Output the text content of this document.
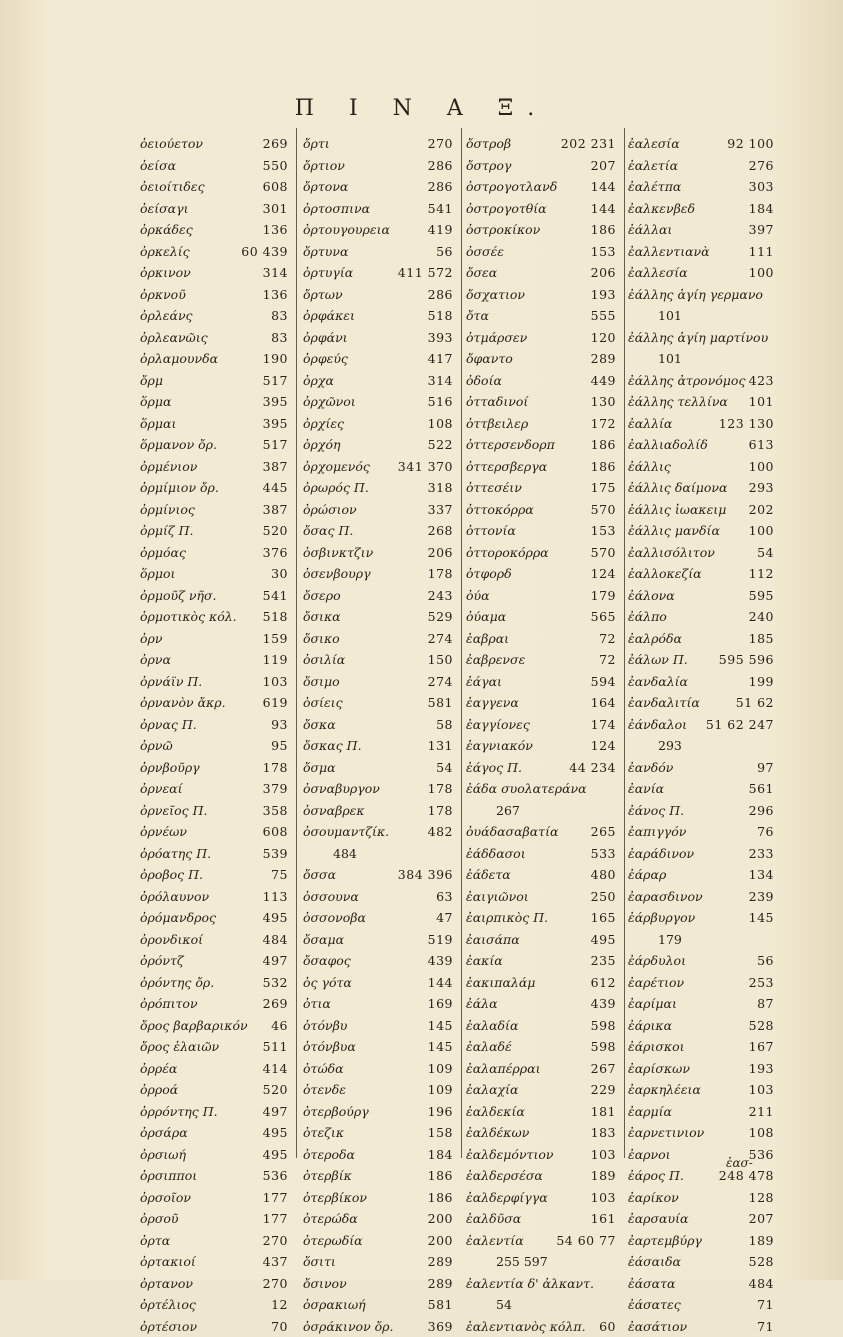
Π Ι Ν Α Ξ.
ὀειούετον	269
ὀείσα	550
ὀειοίτιδες	608
ὀείσαγι	301
ὀρκάδες	136
ὀρκελίς	60 439
ὀρκινον	314
ὀρκνοῦ	136
ὀρλεάνς	83
ὀρλεανῶις	83
ὀρλαμουνδα	190
ὄρμ	517
ὅρμα	395
ὅρμαι	395
ὅρμανον ὄρ.	517
ὀρμένιον	387
ὀρμίμιον ὄρ.	445
ὀρμίνιος	387
ὀρμίζ Π.	520
ὀρμόας	376
ὅρμοι	30
ὀρμοῦζ νῆσ.	541
ὁρμοτικὸς κόλ. 518
ὀρν	159
ὀρνα	119
ὀρνάϊν Π.	103
ὀρνανὸν ἄκρ.	619
ὀρνας Π.	93
ὀρνῶ	95
ὀρνβοῦργ	178
ὀρνεαί	379
ὀρνεῖος Π.	358
ὀρνέων	608
ὀρόατης Π.	539
ὀροβος Π.	75
ὀρόλαυνον	113
ὀρόμανδρος	495
ὀρονδικοί	484
ὀρόντζ	497
ὀρόντης ὄρ.	532
ὀρόπιτον	269
ὄρος βαρβαρικόν 46
ὄρος ἐλαιῶν	511
ὀρρέα	414
ὀρροά	520
ὀρρόντης Π.	497
ὀρσάρα	495
ὀρσιωή	495
ὀρσιπποι	536
ὀρσοῖον	177
ὀρσοῦ	177
ὀρτα	270
ὀρτακιοί	437
ὀρτανον	270
ὀρτέλιος	12
ὀρτέσιον	70
ὄρτι	270
ὄρτιον	286
ὄρτονα	286
ὀρτοσπινα	541
ὀρτουγουρεια	419
ὄρτυνα	56
ὀρτυγία	411 572
ὄρτων	286
ὀρφάκει	518
ὀρφάνι	393
ὀρφεύς	417
ὀρχα	314
ὀρχῶνοι	516
ὀρχίες	108
ὀρχόη	522
ὀρχομενός 341 370
ὀρωρός Π.	318
ὀρώσιον	337
ὄσας Π.	268
ὀσβινκτζιν	206
ὀσενβουργ	178
ὄσερο	243
ὄσικα	529
ὄσικο	274
ὀσιλία	150
ὄσιμο	274
ὀσίεις	581
ὄσκα	58
ὄσκας Π.	131
ὄσμα	54
ὀσναβυργον	178
ὀσναβρεκ	178
ὀσουμαντζίκ.	482
484
ὄσσα	384 396
ὀσσουνα	63
ὀσσονοβα	47
ὄσαμα	519
ὄσαφος	439
ὀς γότα	144
ὀτια	169
ὀτόνβυ	145
ὀτόνβυα	145
ὀτώδα	109
ὀτενδε	109
ὀτερβούργ	196
ὀτεζικ	158
ὀτεροδα	184
ὀτερβίκ	186
ὀτερβίκον	186
ὀτερώδα	200
ὀτερωδία	200
ὄσιτι	289
ὄσινον	289
ὀσρακιωή	581
ὀσράκινον ὄρ.	369
ὄστροβ	202 231
ὄστρογ	207
ὀστρογοτλανδ	144
ὀστρογοτθία	144
ὀστροκίκον	186
ὀσσέε	153
ὄσεα	206
ὄσχατιον	193
ὄτα	555
ὀτμάρσεν	120
ὄφαντο	289
ὀδοία	449
ὀτταδινοί	130
ὀττβειλερ	172
ὀττερσενδορπ	186
ὀττερσβεργα	186
ὀττεσέιν	175
ὀττοκόρρα	570
ὀττονία	153
ὀττοροκόρρα	570
ὀτφορδ	124
ὀύα	179
ὀύαμα	565
ἐαβραι	72
ἐαβρενσε	72
ἐάγαι	594
ἐαγγενα	164
ἐαγγίονες	174
ἐαγνιακόν	124
ἐάγος Π.	44 234
ἐάδα συολατεράνα
267
ὀυάδασαβατία	265
ἐάδδασοι	533
ἐάδετα	480
ἐαιγιῶνοι	250
ἐαιρπικὸς Π.	165
ἐαισάπα	495
ἐακία	235
ἐακιπαλάμ	612
ἐάλα	439
ἐαλαδία	598
ἐαλαδέ	598
ἐαλαπέρραι	267
ἐαλαχία	229
ἐαλδεκία	181
ἐαλδέκων	183
ἐαλδεμόντιον	103
ἐαλδερσέσα	189
ἐαλδερφίγγα	103
ἐαλδῦσα	161
ἐαλεντία	54 60 77
255 597
ἐαλεντία δ' ἀλκαντ.
54
ἐαλεντιανὸς κόλπ. 60
ἐαλεσία	92 100
ἐαλετία	276
ἐαλέτπα	303
ἐαλκενβεδ	184
ἐάλλαι	397
ἐαλλεντιανὰ	111
ἐαλλεσία	100
ἐάλλης ἁγίη γερμανο
101
ἐάλλης ἁγίη μαρτίνου
101
ἐάλλης ἀτρονόμος 423
ἐάλλης τελλίνα 101
ἐαλλία	123 130
ἐαλλιαδολίδ	613
ἐάλλις	100
ἐάλλις δαίμονα 293
ἐάλλις ἰωακειμ 202
ἐάλλις μανδία 100
ἐαλλισόλιτον	54
ἐαλλοκεζία	112
ἐάλονα	595
ἐάλπο	240
ἐαλρόδα	185
ἐάλων Π. 595 596
ἐανδαλία	199
ἐανδαλιτία	51 62
ἐάνδαλοι 51 62 247
293
ἐανδόν	97
ἐανία	561
ἐάνος Π.	296
ἐαπιγγόν	76
ἐαράδινον	233
ἐάραρ	134
ἐαρασδινον	239
ἐάρβυργον	145
179
ἐάρδυλοι	56
ἐαρέτιον	253
ἐαρίμαι	87
ἐάρικα	528
ἐάρισκοι	167
ἐαρίσκων	193
ἐαρκηλέεια	103
ἐαρμία	211
ἐαρνετινιον	108
ἐαρνοι	536
ἐάρος Π.	248 478
ἐαρίκον	128
ἐαρσαυία	207
ἐαρτεμβύργ	189
ἐάσαιδα	528
ἐάσατα	484
ἐάσατες	71
ἐασάτιον	71
ἐασ-
